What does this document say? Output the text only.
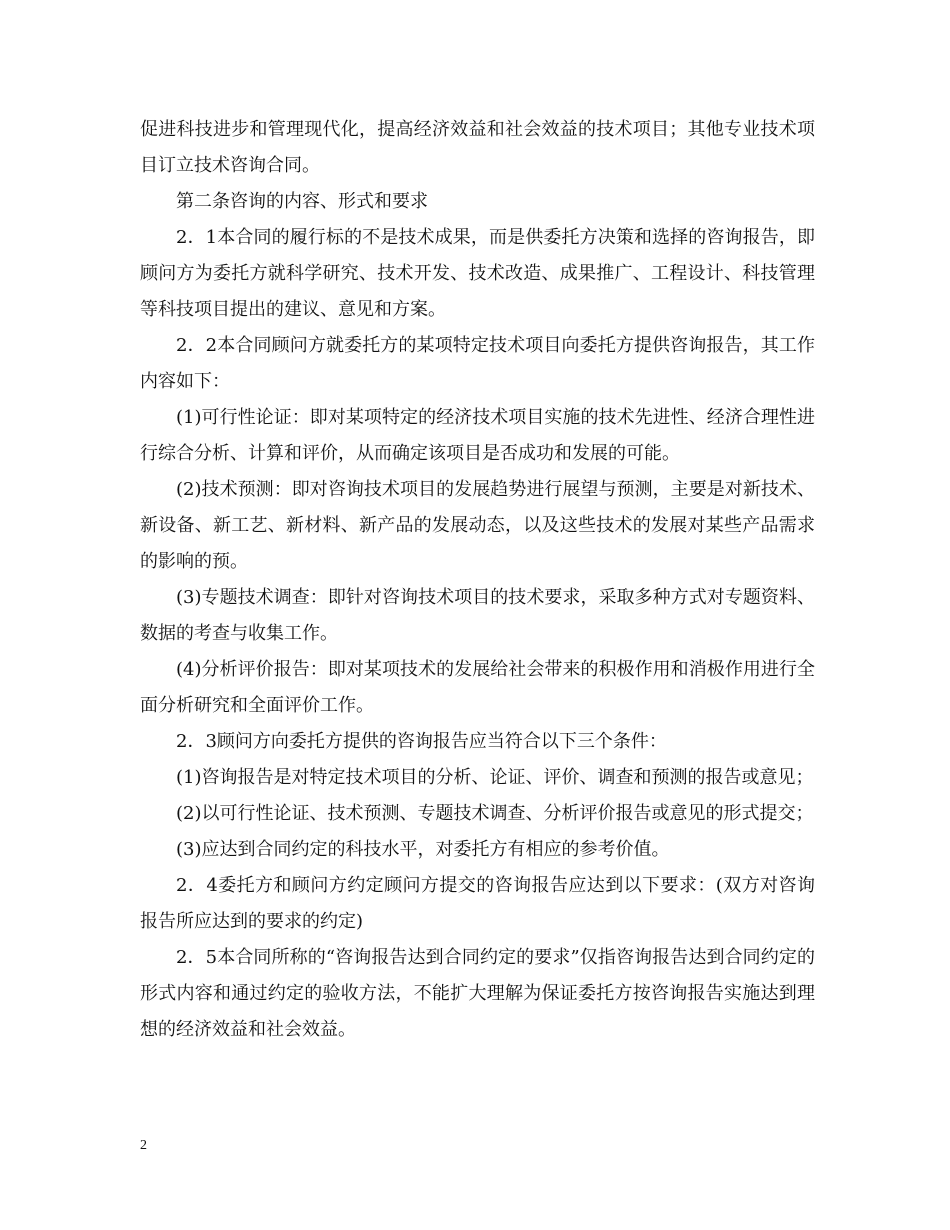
促进科技进步和管理现代化，提高经济效益和社会效益的技术项目；其他专业技术项目订立技术咨询合同。

第二条咨询的内容、形式和要求

2．1本合同的履行标的不是技术成果，而是供委托方决策和选择的咨询报告，即顾问方为委托方就科学研究、技术开发、技术改造、成果推广、工程设计、科技管理等科技项目提出的建议、意见和方案。

2．2本合同顾问方就委托方的某项特定技术项目向委托方提供咨询报告，其工作内容如下：

(1)可行性论证：即对某项特定的经济技术项目实施的技术先进性、经济合理性进行综合分析、计算和评价，从而确定该项目是否成功和发展的可能。

(2)技术预测：即对咨询技术项目的发展趋势进行展望与预测，主要是对新技术、新设备、新工艺、新材料、新产品的发展动态，以及这些技术的发展对某些产品需求的影响的预。

(3)专题技术调查：即针对咨询技术项目的技术要求，采取多种方式对专题资料、数据的考查与收集工作。

(4)分析评价报告：即对某项技术的发展给社会带来的积极作用和消极作用进行全面分析研究和全面评价工作。

2．3顾问方向委托方提供的咨询报告应当符合以下三个条件：

(1)咨询报告是对特定技术项目的分析、论证、评价、调查和预测的报告或意见；

(2)以可行性论证、技术预测、专题技术调查、分析评价报告或意见的形式提交；

(3)应达到合同约定的科技水平，对委托方有相应的参考价值。

2．4委托方和顾问方约定顾问方提交的咨询报告应达到以下要求：(双方对咨询报告所应达到的要求的约定)

2．5本合同所称的“咨询报告达到合同约定的要求”仅指咨询报告达到合同约定的形式内容和通过约定的验收方法，不能扩大理解为保证委托方按咨询报告实施达到理想的经济效益和社会效益。

2
